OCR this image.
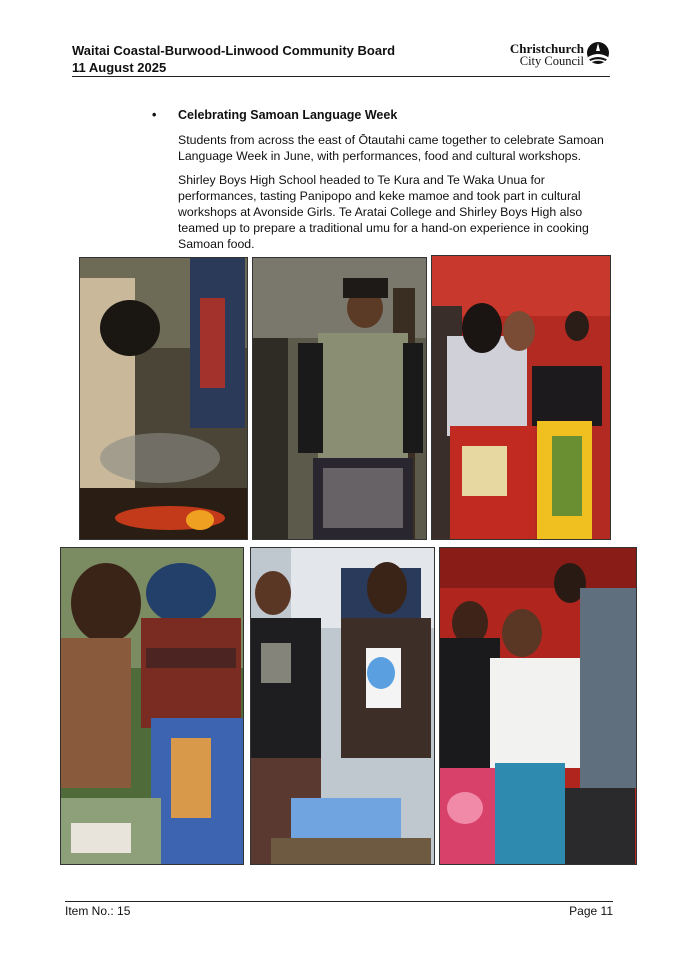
Waitai Coastal-Burwood-Linwood Community Board
11 August 2025
Christchurch
City Council
• Celebrating Samoan Language Week

Students from across the east of Ōtautahi came together to celebrate Samoan Language Week in June, with performances, food and cultural workshops.

Shirley Boys High School headed to Te Kura and Te Waka Unua for performances, tasting Panipopo and keke mamoe and took part in cultural workshops at Avonside Girls. Te Aratai College and Shirley Boys High also teamed up to prepare a traditional umu for a hand-on experience in cooking Samoan food.

Item No.: 15	Page 11
